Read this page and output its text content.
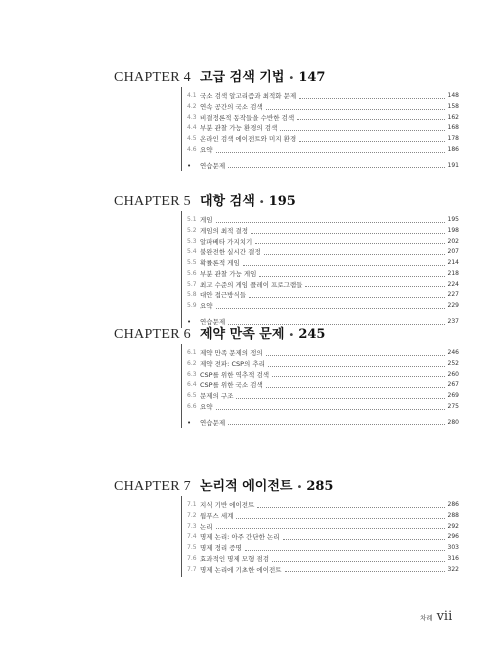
CHAPTER 4 고급 검색 기법 • 147
4.1 국소 검색 알고리즘과 최적화 문제	148
4.2 연속 공간의 국소 검색	158
4.3 비결정론적 동작들을 수반한 검색	162
4.4 부분 관찰 가능 환경의 검색	168
4.5 온라인 검색 에이전트와 미지 환경	178
4.6 요약	186
•	연습문제	191
CHAPTER 5 대항 검색 • 195
5.1 게임	195
5.2 게임의 최적 결정	198
5.3 알파베타 가지치기	202
5.4 불완전한 실시간 결정	207
5.5 확률론적 게임	214
5.6 부분 관찰 가능 게임	218
5.7 최고 수준의 게임 플레이 프로그램들	224
5.8 대안 접근방식들	227
5.9 요약	229
•	연습문제	237
CHAPTER 6 제약 만족 문제 • 245
6.1 제약 만족 문제의 정의	246
6.2 제약 전파: CSP의 추리	252
6.3 CSP를 위한 역추적 검색	260
6.4 CSP를 위한 국소 검색	267
6.5 문제의 구조	269
6.6 요약	275
•	연습문제	280
CHAPTER 7 논리적 에이전트 • 285
7.1 지식 기반 에이전트	286
7.2 웜푸스 세계	288
7.3 논리	292
7.4 명제 논리: 아주 간단한 논리	296
7.5 명제 정리 증명	303
7.6 효과적인 명제 모형 점검	316
7.7 명제 논리에 기초한 에이전트	322
차례 vii
